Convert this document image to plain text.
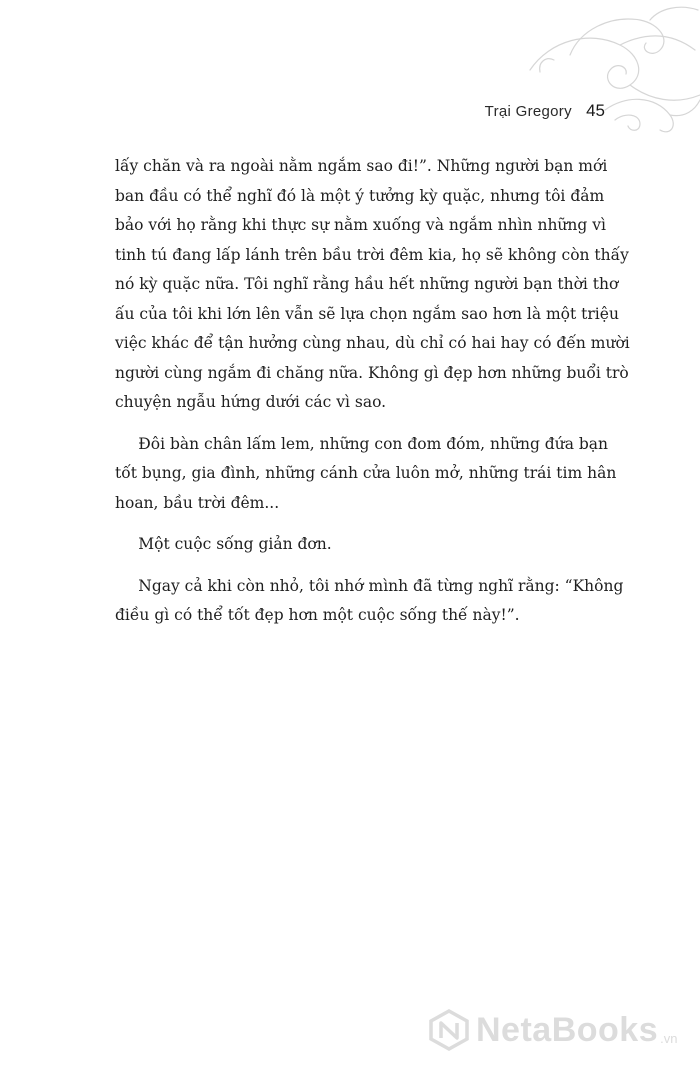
Trại Gregory 45
lấy chăn và ra ngoài nằm ngắm sao đi!”. Những người bạn mới
ban đầu có thể nghĩ đó là một ý tưởng kỳ quặc, nhưng tôi đảm
bảo với họ rằng khi thực sự nằm xuống và ngắm nhìn những vì
tinh tú đang lấp lánh trên bầu trời đêm kia, họ sẽ không còn thấy
nó kỳ quặc nữa. Tôi nghĩ rằng hầu hết những người bạn thời thơ
ấu của tôi khi lớn lên vẫn sẽ lựa chọn ngắm sao hơn là một triệu
việc khác để tận hưởng cùng nhau, dù chỉ có hai hay có đến mười
người cùng ngắm đi chăng nữa. Không gì đẹp hơn những buổi trò
chuyện ngẫu hứng dưới các vì sao.
Đôi bàn chân lấm lem, những con đom đóm, những đứa bạn
tốt bụng, gia đình, những cánh cửa luôn mở, những trái tim hân
hoan, bầu trời đêm...
Một cuộc sống giản đơn.
Ngay cả khi còn nhỏ, tôi nhớ mình đã từng nghĩ rằng: “Không
điều gì có thể tốt đẹp hơn một cuộc sống thế này!”.
NetaBooks .vn
